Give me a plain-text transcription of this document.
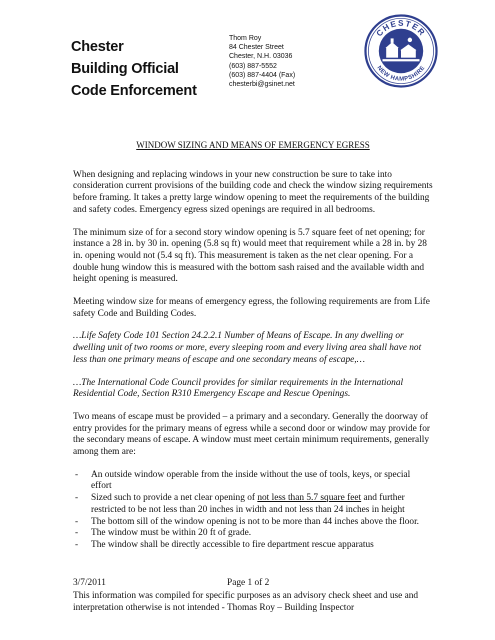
Chester
Building Official
Code Enforcement
Thom Roy
84 Chester Street
Chester, N.H. 03036
(603) 887-5552
(603) 887-4404 (Fax)
chesterbi@gsinet.net
CHESTER
NEW HAMPSHIRE
WINDOW SIZING AND MEANS OF EMERGENCY EGRESS

When designing and replacing windows in your new construction be sure to take into consideration current provisions of the building code and check the window sizing requirements before framing. It takes a pretty large window opening to meet the requirements of the building and safety codes. Emergency egress sized openings are required in all bedrooms.

The minimum size of for a second story window opening is 5.7 square feet of net opening; for instance a 28 in. by 30 in. opening (5.8 sq ft) would meet that requirement while a 28 in. by 28 in. opening would not (5.4 sq ft). This measurement is taken as the net clear opening. For a double hung window this is measured with the bottom sash raised and the available width and height opening is measured.

Meeting window size for means of emergency egress, the following requirements are from Life safety Code and Building Codes.

…Life Safety Code 101 Section 24.2.2.1 Number of Means of Escape. In any dwelling or dwelling unit of two rooms or more, every sleeping room and every living area shall have not less than one primary means of escape and one secondary means of escape,…

…The International Code Council provides for similar requirements in the International Residential Code, Section R310 Emergency Escape and Rescue Openings.

Two means of escape must be provided – a primary and a secondary. Generally the doorway of entry provides for the primary means of egress while a second door or window may provide for the secondary means of escape. A window must meet certain minimum requirements, generally among them are:

- An outside window operable from the inside without the use of tools, keys, or special effort
- Sized such to provide a net clear opening of not less than 5.7 square feet and further restricted to be not less than 20 inches in width and not less than 24 inches in height
- The bottom sill of the window opening is not to be more than 44 inches above the floor.
- The window must be within 20 ft of grade.
- The window shall be directly accessible to fire department rescue apparatus
3/7/2011	Page 1 of 2
This information was compiled for specific purposes as an advisory check sheet and use and interpretation otherwise is not intended - Thomas Roy – Building Inspector
